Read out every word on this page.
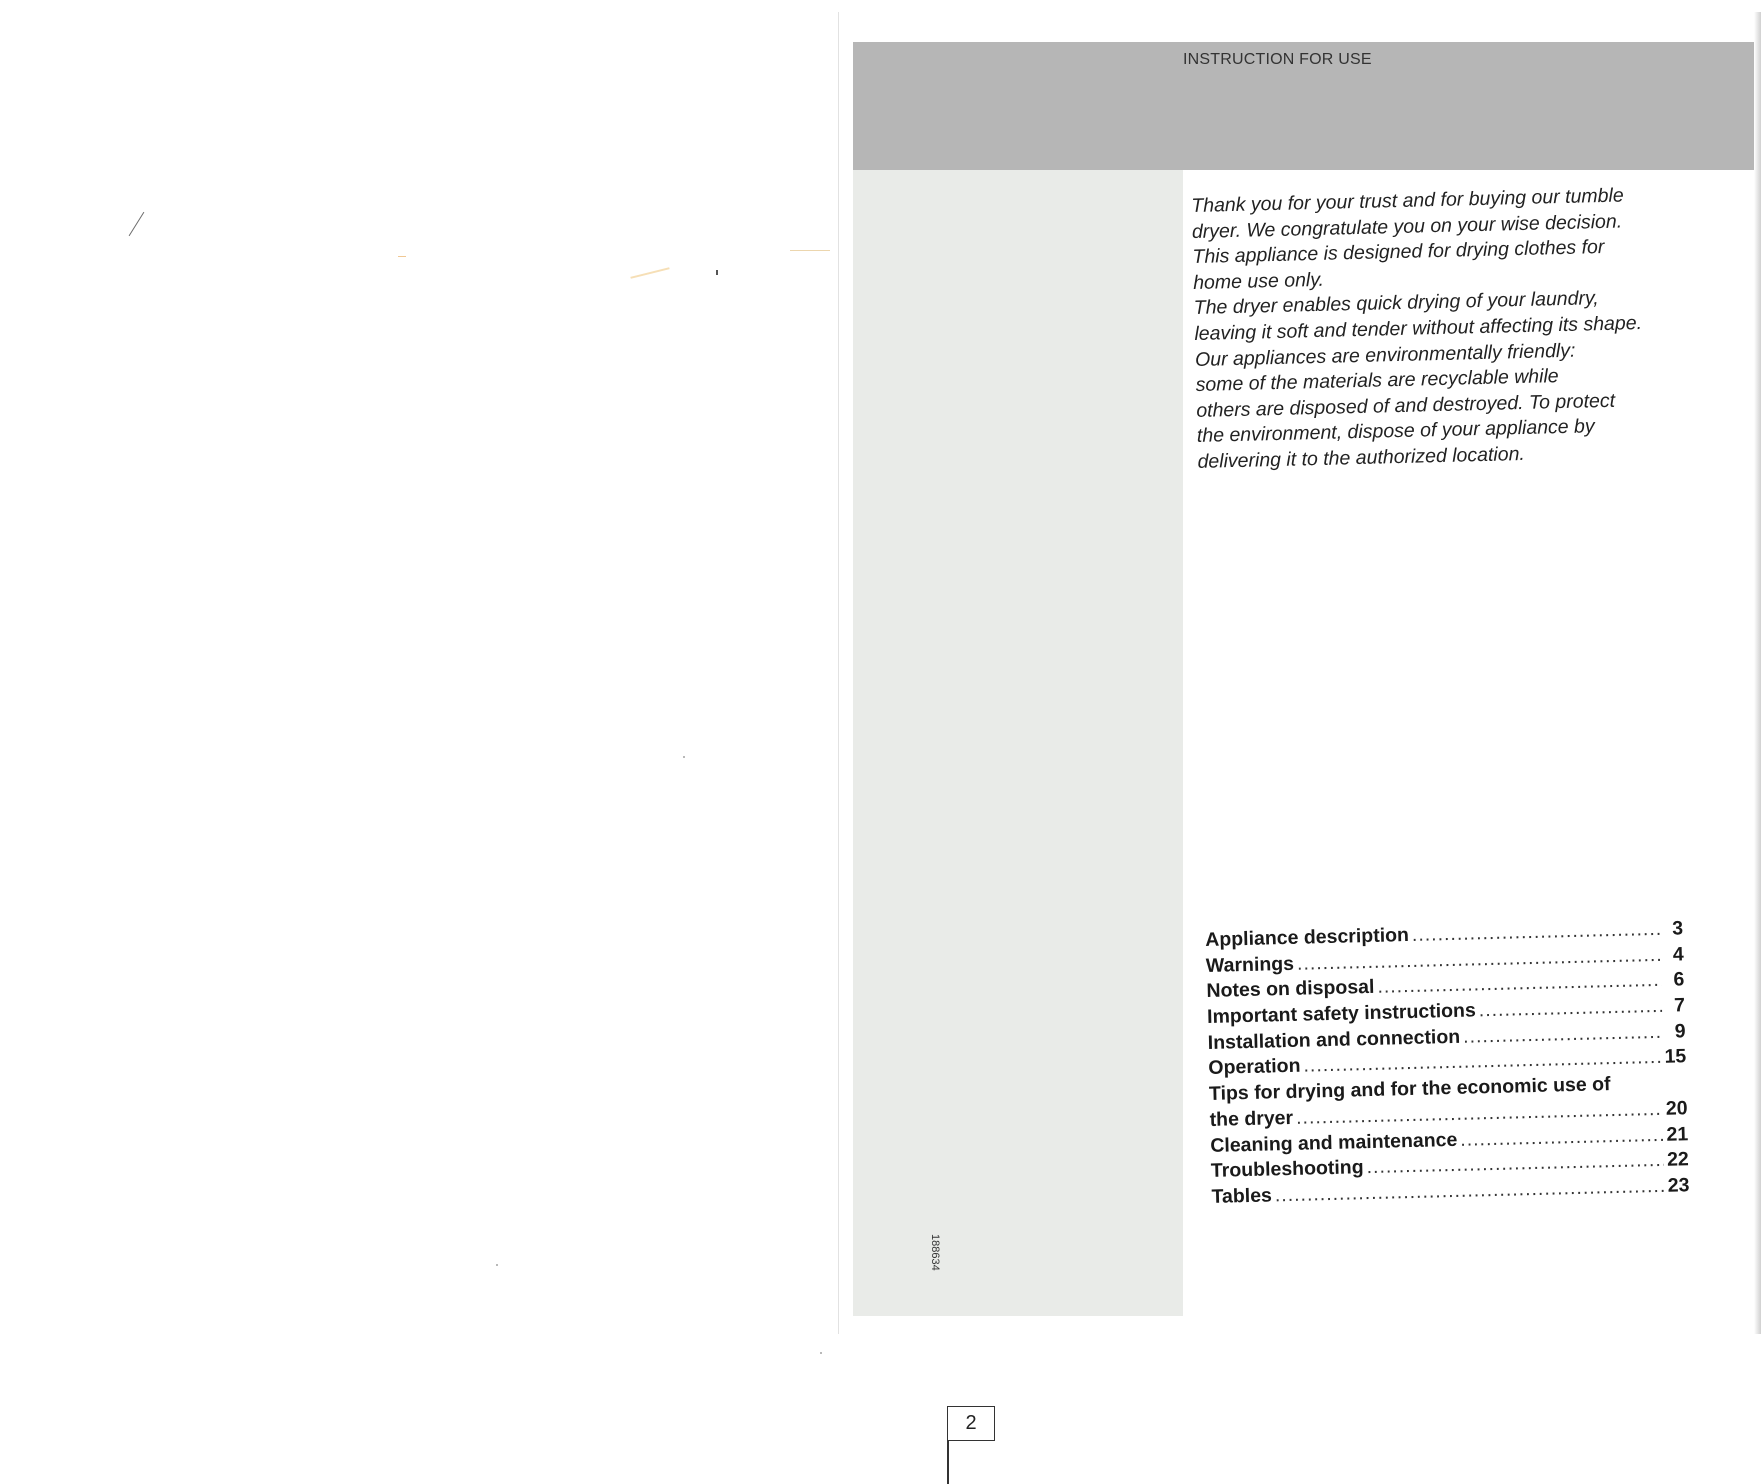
INSTRUCTION FOR USE
188634
2

Thank you for your trust and for buying our tumble

dryer. We congratulate you on your wise decision.

This appliance is designed for drying clothes for

home use only.

The dryer enables quick drying of your laundry,

leaving it soft and tender without affecting its shape.

Our appliances are environmentally friendly:

some of the materials are recyclable while

others are disposed of and destroyed. To protect

the environment, dispose of your appliance by

delivering it to the authorized location.

Appliance description .....	3
Warnings .....	4
Notes on disposal .....	6
Important safety instructions .....	7
Installation and connection .....	9
Operation .....	15
Tips for drying and for the economic use of
the dryer .....	20
Cleaning and maintenance .....	21
Troubleshooting .....	22
Tables .....	23
